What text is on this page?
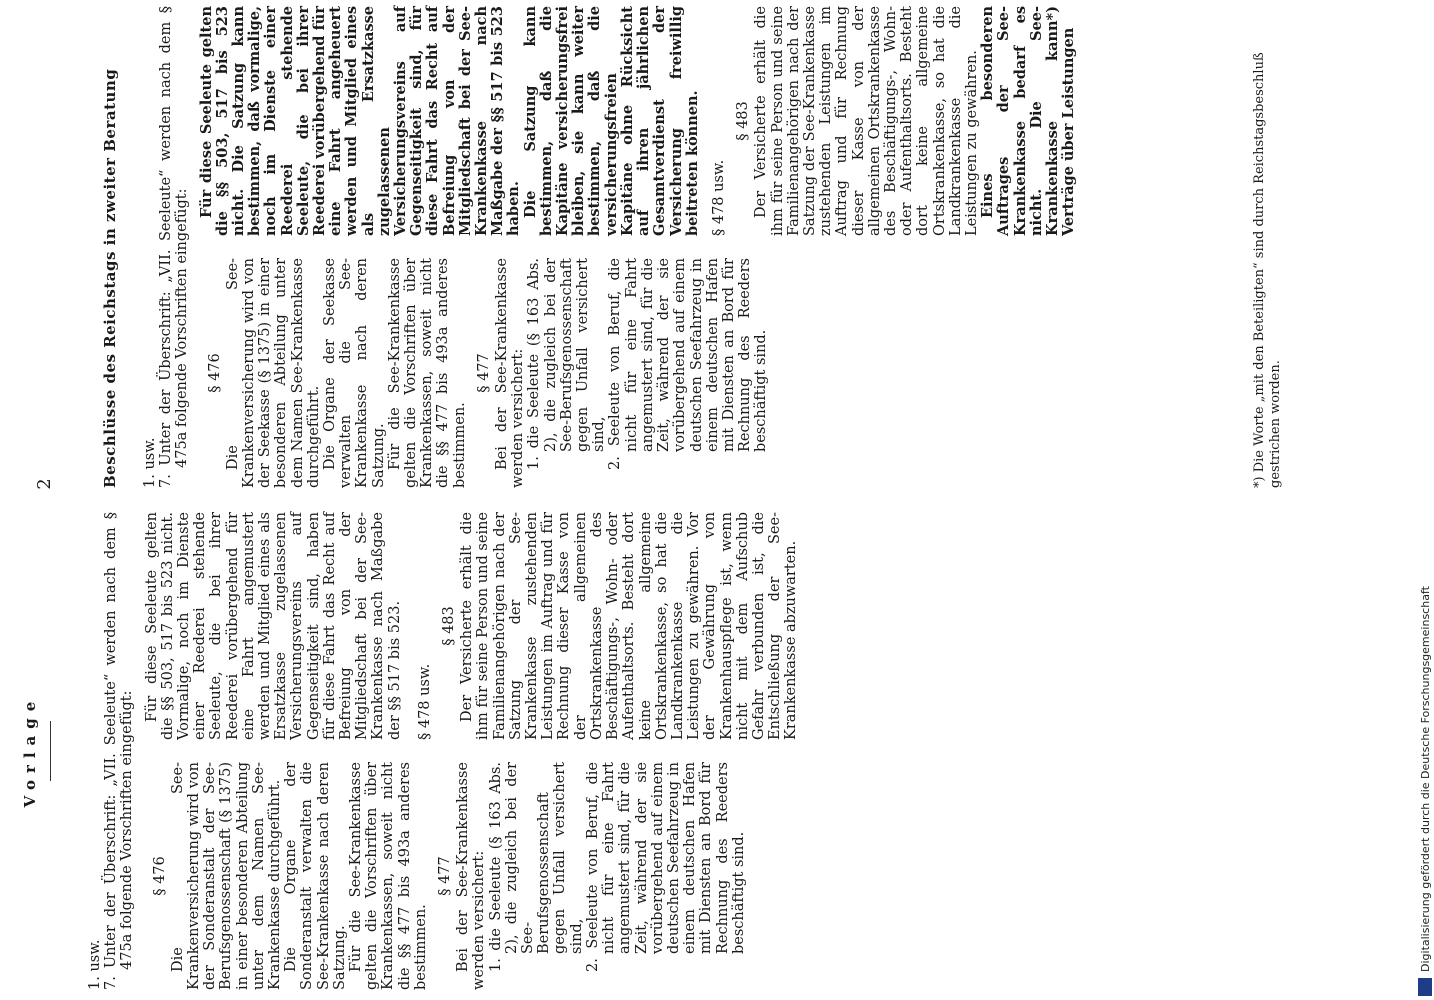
2
Vorlage

1. usw. 7. Unter der Überschrift: „VII. Seeleute“ werden nach dem § 475a folgende Vorschriften eingefügt: § 476 Die See-Krankenversicherung wird von der Sonderanstalt der See-Berufsgenossenschaft (§ 1375) in einer besonderen Abteilung unter dem Namen See-Krankenkasse durchgeführt. Die Organe der Sonderanstalt verwalten die See-Krankenkasse nach deren Satzung. Für die See-Krankenkasse gelten die Vorschriften über Krankenkassen, soweit nicht die §§ 477 bis 493a anderes bestimmen.

§ 477 Bei der See-Krankenkasse werden versichert: 1. die Seeleute (§ 163 Abs. 2), die zugleich bei der See-Berufsgenossenschaft gegen Unfall versichert sind, 2. Seeleute von Beruf, die nicht für eine Fahrt angemustert sind, für die Zeit, während der sie vorübergehend auf einem deutschen Seefahrzeug in einem deutschen Hafen mit Diensten an Bord für Rechnung des Reeders beschäftigt sind.

Für diese Seeleute gelten die §§ 503, 517 bis 523 nicht. Vormalige, noch im Dienste einer Reederei stehende Seeleute, die bei ihrer Reederei vorübergehend für eine Fahrt angemustert werden und Mitglied eines als Ersatzkasse zugelassenen Versicherungsvereins auf Gegenseitigkeit sind, haben für diese Fahrt das Recht auf Befreiung von der Mitgliedschaft bei der See-Krankenkasse nach Maßgabe der §§ 517 bis 523. § 478 usw.

§ 483 Der Versicherte erhält die ihm für seine Person und seine Familienangehörigen nach der Satzung der See-Krankenkasse zustehenden Leistungen im Auftrag und für Rechnung dieser Kasse von der allgemeinen Ortskrankenkasse des Beschäftigungs-, Wohn- oder Aufenthaltsorts. Besteht dort keine allgemeine Ortskrankenkasse, so hat die Landkrankenkasse die Leistungen zu gewähren. Vor der Gewährung von Krankenhauspflege ist, wenn nicht mit dem Aufschub Gefahr verbunden ist, die Entschließung der See-Krankenkasse abzuwarten.

Beschlüsse des Reichstags in zweiter Beratung 1. usw. 7. Unter der Überschrift: „VII. Seeleute“ werden nach dem § 475a folgende Vorschriften eingefügt: § 476 Die See-Krankenversicherung wird von der Seekasse (§ 1375) in einer besonderen Abteilung unter dem Namen See-Krankenkasse durchgeführt. Die Organe der Seekasse verwalten die See-Krankenkasse nach deren Satzung. Für die See-Krankenkasse gelten die Vorschriften über Krankenkassen, soweit nicht die §§ 477 bis 493a anderes bestimmen.

§ 477 Bei der See-Krankenkasse werden versichert: 1. die Seeleute (§ 163 Abs. 2), die zugleich bei der See-Berufsgenossenschaft gegen Unfall versichert sind, 2. Seeleute von Beruf, die nicht für eine Fahrt angemustert sind, für die Zeit, während der sie vorübergehend auf einem deutschen Seefahrzeug in einem deutschen Hafen mit Diensten an Bord für Rechnung des Reeders beschäftigt sind.

Für diese Seeleute gelten die §§ 503, 517 bis 523 nicht. Die Satzung kann bestimmen, daß vormalige, noch im Dienste einer Reederei stehende Seeleute, die bei ihrer Reederei vorübergehend für eine Fahrt angeheuert werden und Mitglied eines als Ersatzkasse zugelassenen Versicherungsvereins auf Gegenseitigkeit sind, für diese Fahrt das Recht auf Befreiung von der Mitgliedschaft bei der See-Krankenkasse nach Maßgabe der §§ 517 bis 523 haben. Die Satzung kann bestimmen, daß die Kapitäne versicherungsfrei bleiben, sie kann weiter bestimmen, daß die versicherungsfreien Kapitäne ohne Rücksicht auf ihren jährlichen Gesamtverdienst der Versicherung freiwillig beitreten können. § 478 usw.

§ 483 Der Versicherte erhält die ihm für seine Person und seine Familienangehörigen nach der Satzung der See-Krankenkasse zustehenden Leistungen im Auftrag und für Rechnung dieser Kasse von der allgemeinen Ortskrankenkasse des Beschäftigungs-, Wohn- oder Aufenthaltsorts. Besteht dort keine allgemeine Ortskrankenkasse, so hat die Landkrankenkasse die Leistungen zu gewähren. Eines besonderen Auftrages der See-Krankenkasse bedarf es nicht. Die See-Krankenkasse kann*) Verträge über Leistungen	*) Die Worte „mit den Beteiligten“ sind durch Reichstagsbeschluß gestrichen worden.
Digitalisierung gefördert durch die Deutsche Forschungsgemeinschaft
